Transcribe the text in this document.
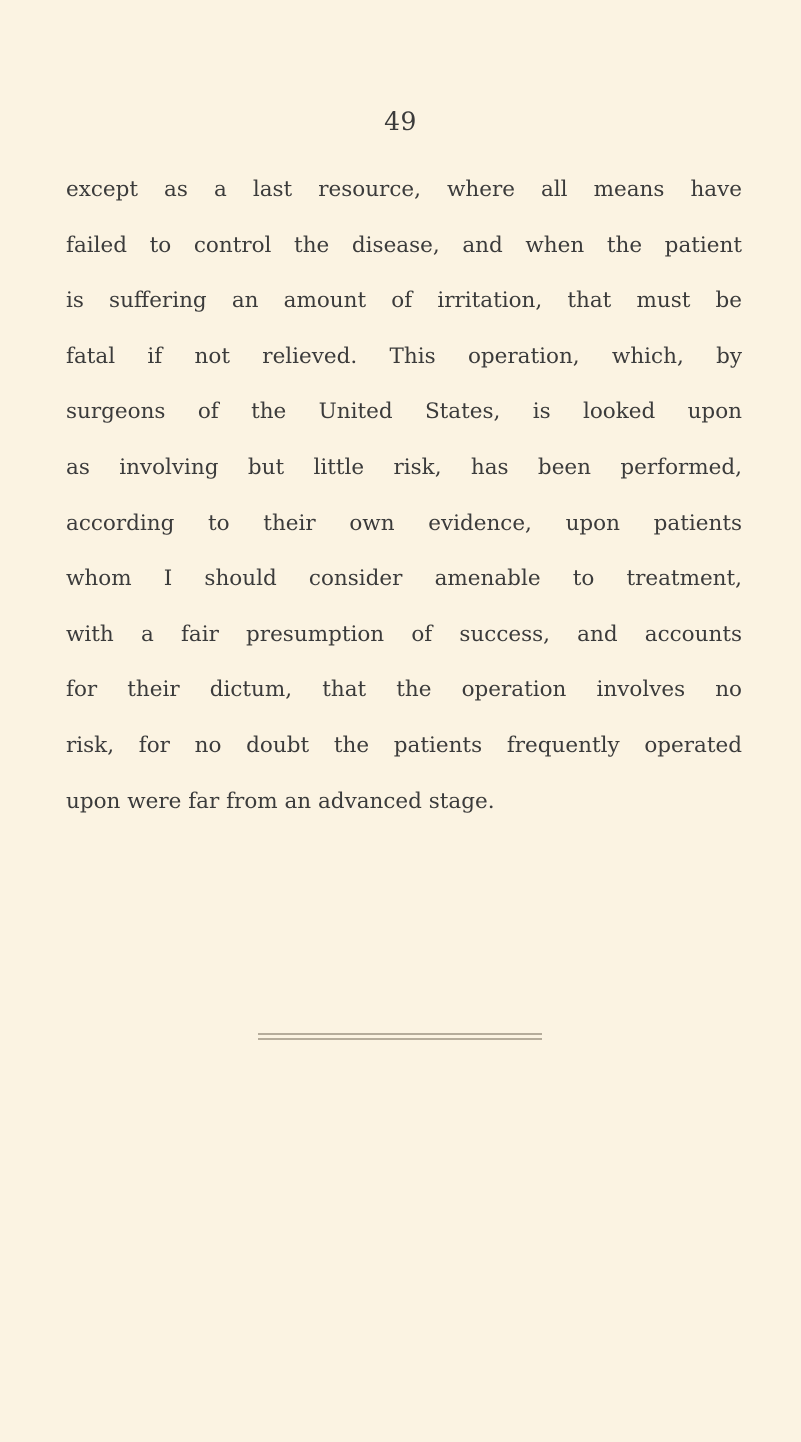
49
except as a last resource, where all means have
failed to control the disease, and when the patient
is suffering an amount of irritation, that must be
fatal if not relieved. This operation, which, by
surgeons of the United States, is looked upon
as involving but little risk, has been performed,
according to their own evidence, upon patients
whom I should consider amenable to treatment,
with a fair presumption of success, and accounts
for their dictum, that the operation involves no
risk, for no doubt the patients frequently operated
upon were far from an advanced stage.
